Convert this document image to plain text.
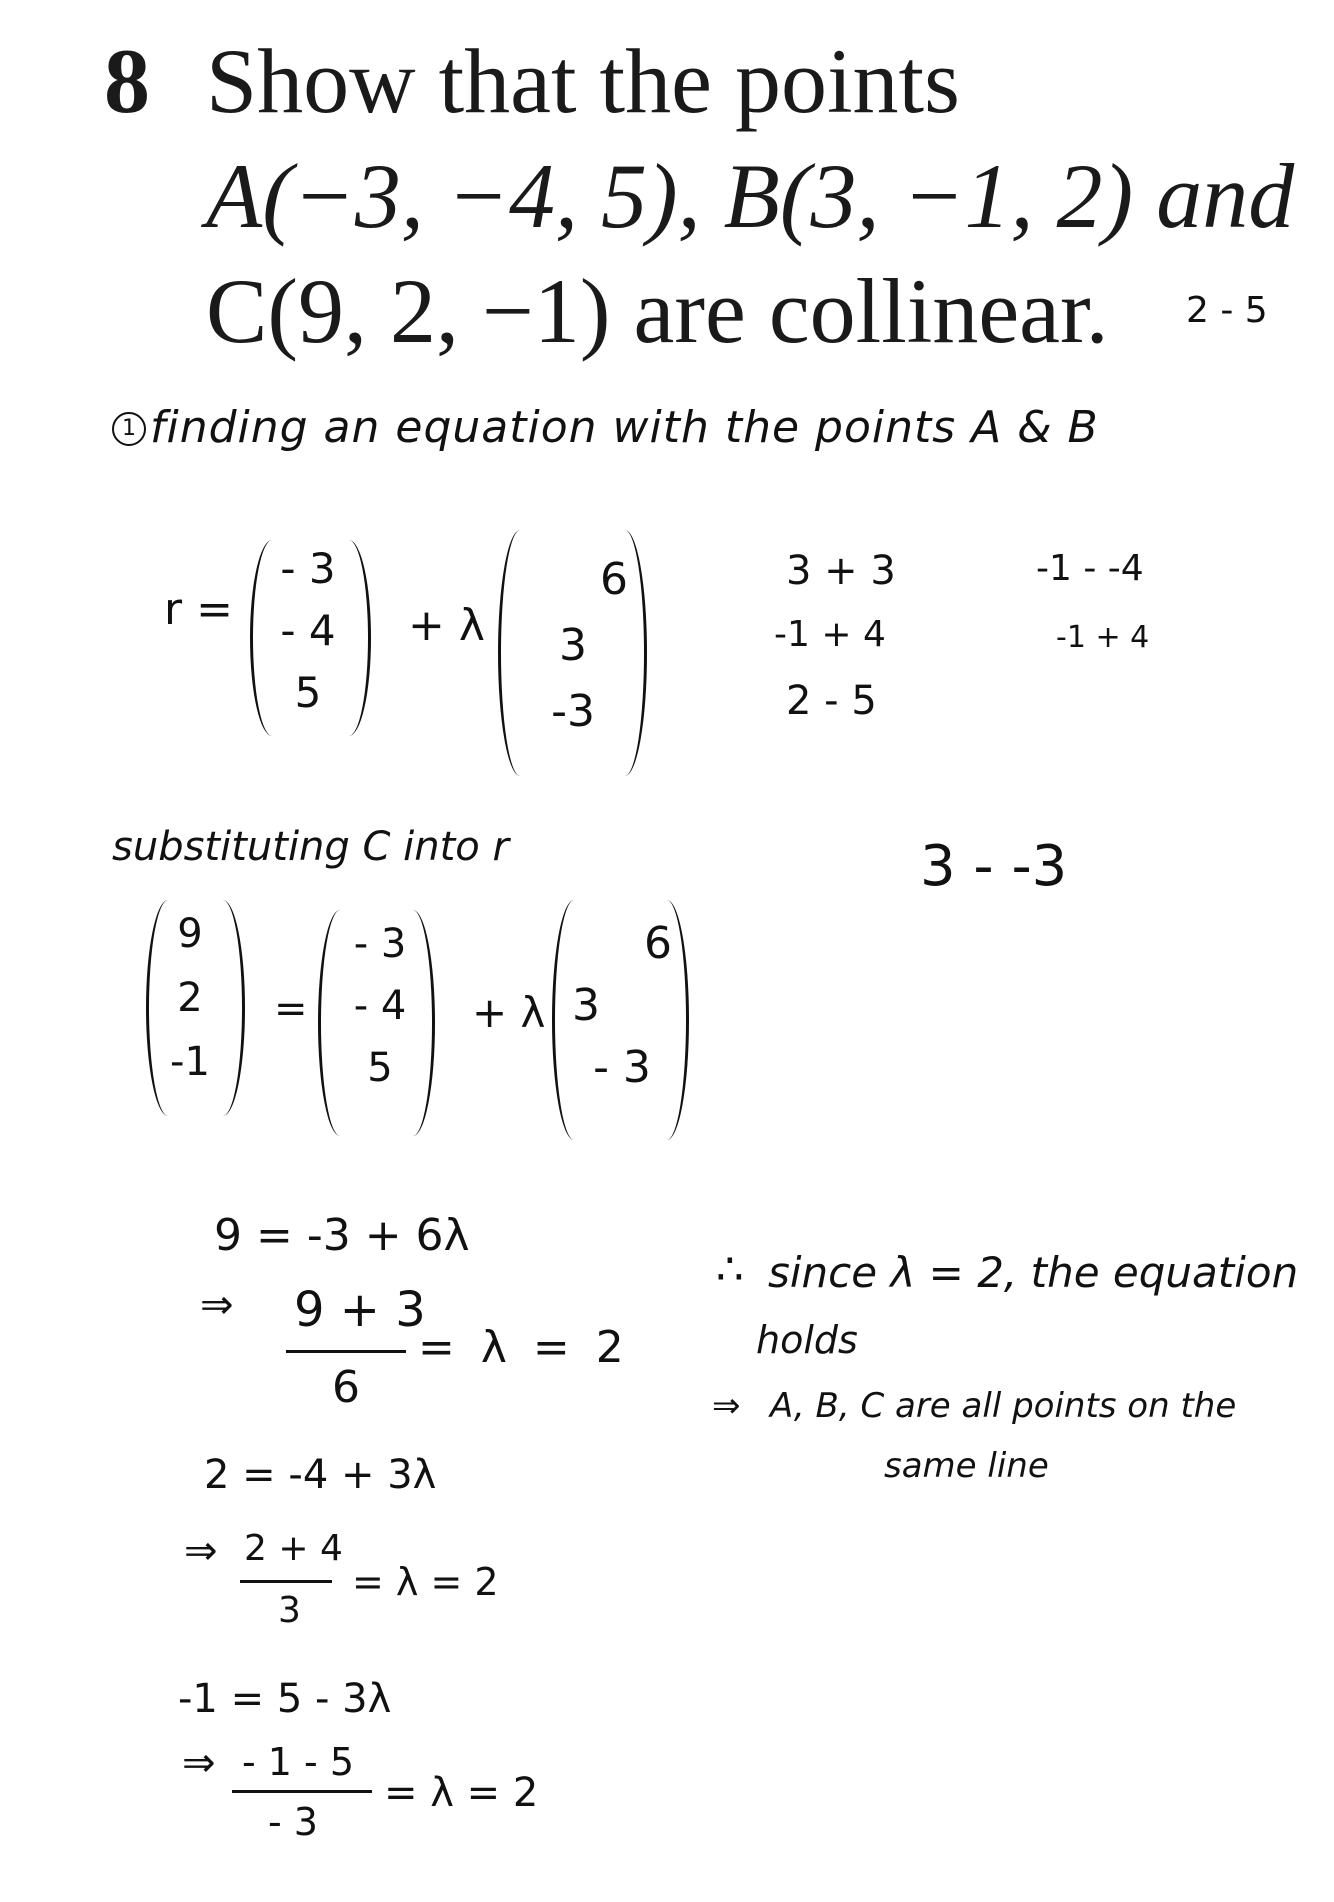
8 Show that the points
A(−3, −4, 5), B(3, −1, 2) and
C(9, 2, −1) are collinear. 2 - 5
1 finding an equation with the points A & B
r =
- 3
- 4
5
+ λ
6
3
-3
3 + 3
-1 + 4
2 - 5
-1 - -4
-1 + 4
3 - -3
substituting C into r
9
2
-1
=
- 3
- 4
5
+ λ
6
3
- 3
9 = -3 + 6λ
⇒ 9 + 3
6
= λ = 2
2 = -4 + 3λ
⇒ 2 + 4
3
= λ = 2
-1 = 5 - 3λ
⇒ - 1 - 5
- 3
= λ = 2
∴ since λ = 2, the equation
holds
⇒ A, B, C are all points on the
same line
